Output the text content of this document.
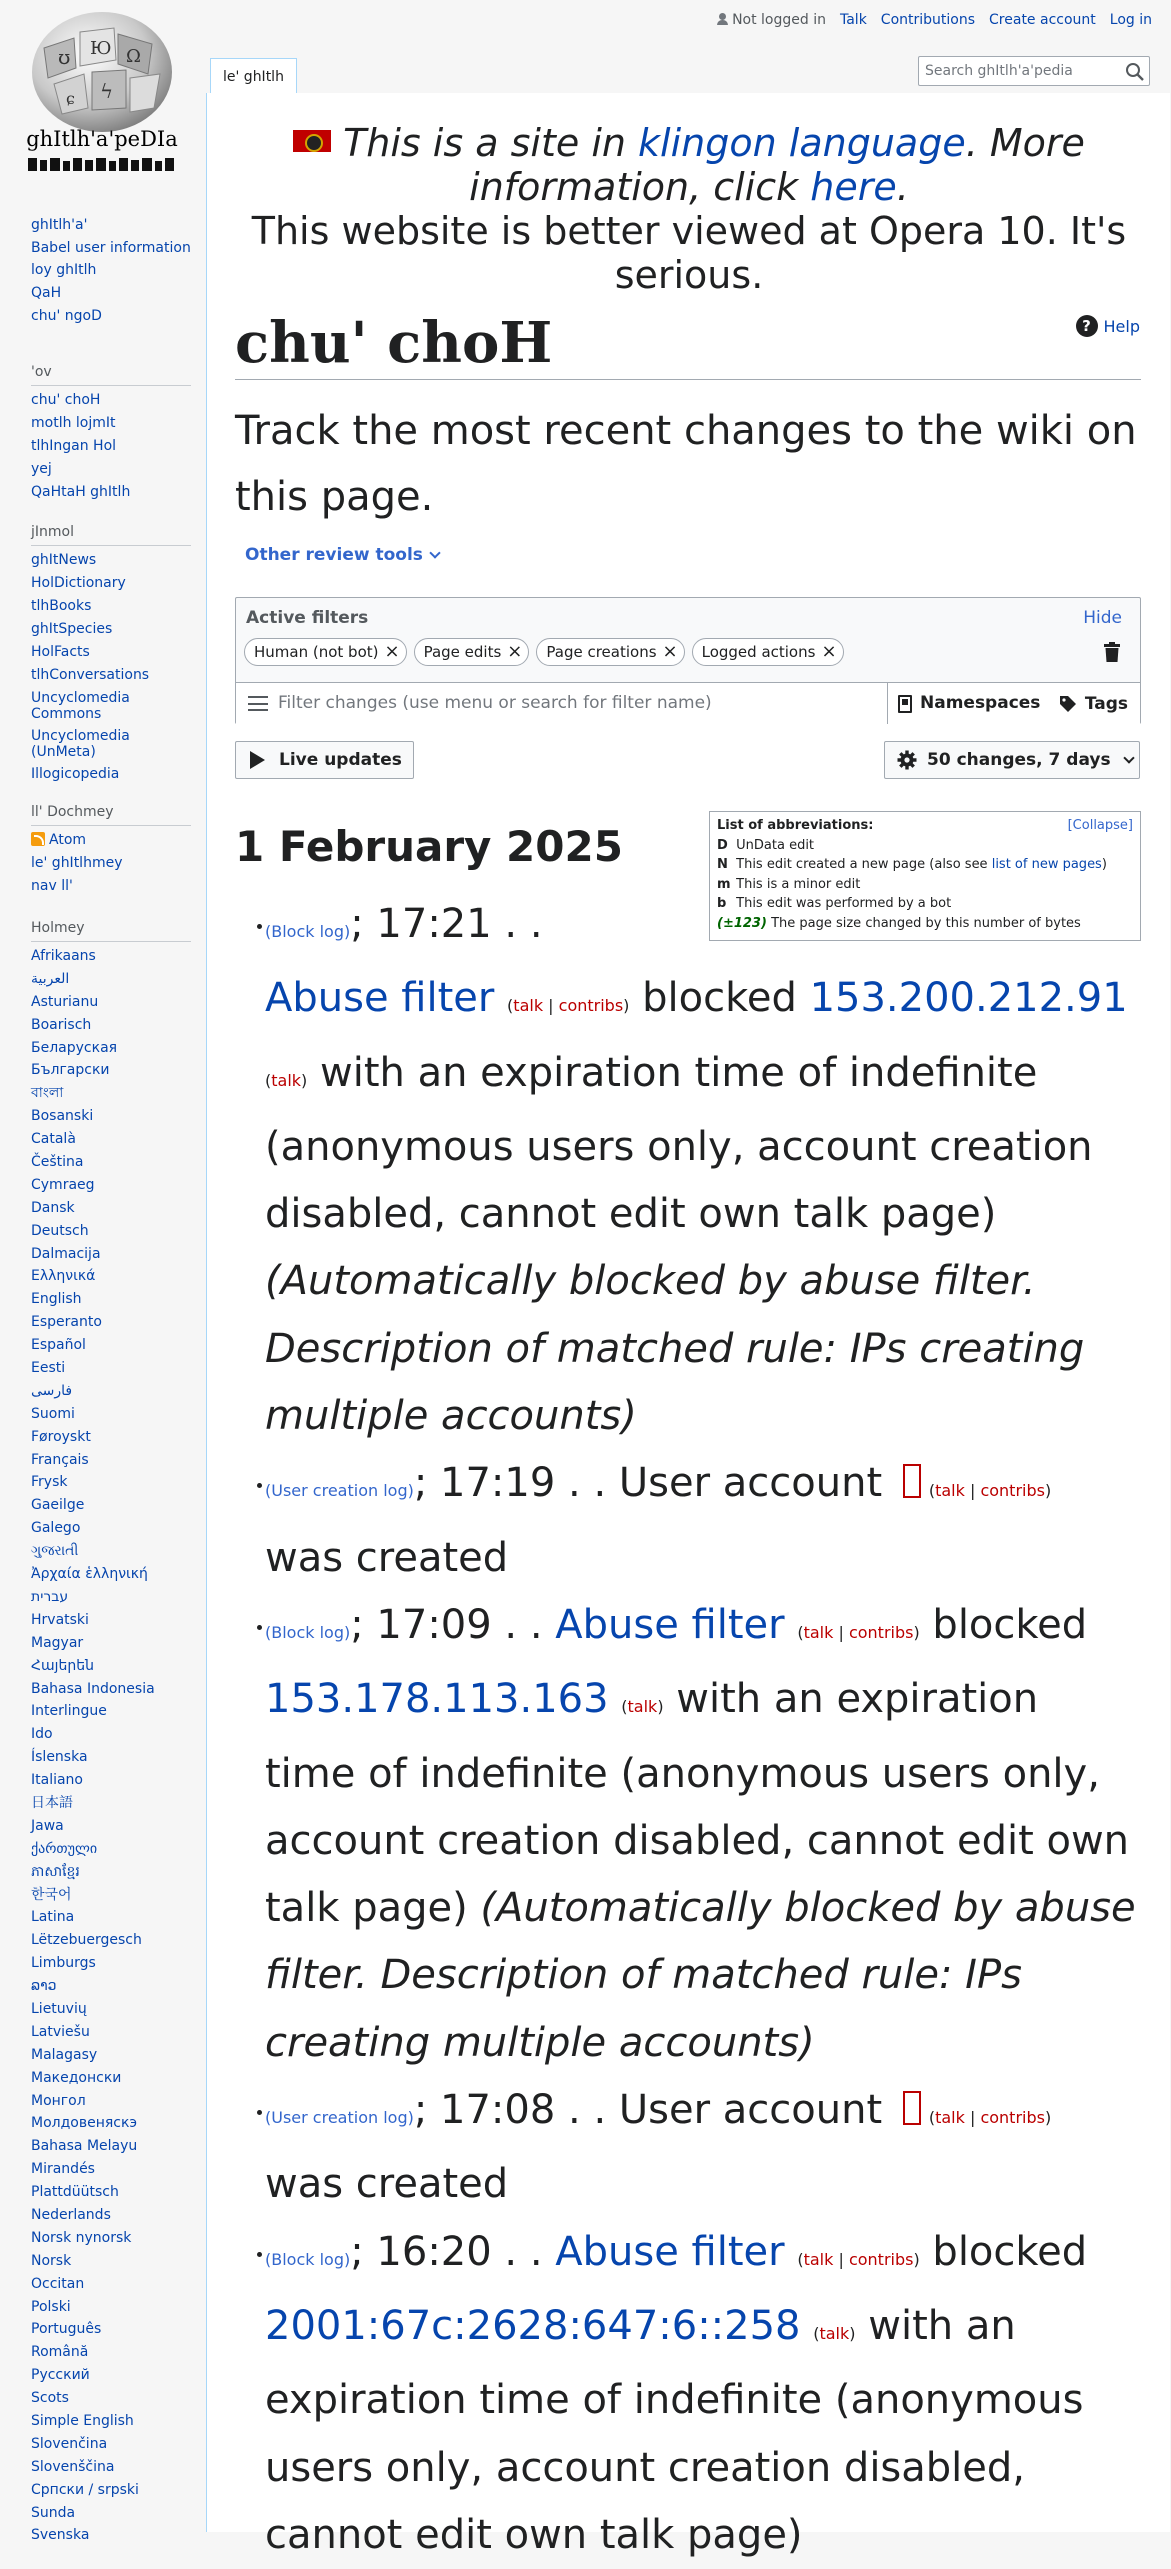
ʊ Ю Ω
ϟ
ɕ
ghItlh'a'peDIa
ghItlh'a'
Babel user information
loy ghItlh
QaH
chu' ngoD
'ov
chu' choH
motlh lojmIt
tlhIngan Hol
yej
QaHtaH ghItlh
jInmol
ghItNews
HolDictionary
tlhBooks
ghItSpecies
HolFacts
tlhConversations
Uncyclomedia Commons
Uncyclomedia (UnMeta)
Illogicopedia
ll' Dochmey
Atom
le' ghItlhmey
nav ll'
Holmey
Afrikaans
العربية
Asturianu
Boarisch
Беларуская
Български
বাংলা
Bosanski
Català
Čeština
Cymraeg
Dansk
Deutsch
Dalmacija
Ελληνικά
English
Esperanto
Español
Eesti
فارسی
Suomi
Føroyskt
Français
Frysk
Gaeilge
Galego
ગુજરાતી
Ἀρχαία ἑλληνική
עברית
Hrvatski
Magyar
Հայերեն
Bahasa Indonesia
Interlingue
Ido
Íslenska
Italiano
日本語
Jawa
ქართული
ភាសាខ្មែរ
한국어
Latina
Lëtzebuergesch
Limburgs
ລາວ
Lietuvių
Latviešu
Malagasy
Македонски
Монгол
Молдовеняскэ
Bahasa Melayu
Mirandés
Plattdüütsch
Nederlands
Norsk nynorsk
Norsk
Occitan
Polski
Português
Română
Русский
Scots
Simple English
Slovenčina
Slovenščina
Српски / srpski
Sunda
Svenska
Not logged in Talk Contributions Create account Log in
le' ghItlh
Search ghItlh'a'pedia
This is a site in klingon language. More information, click here.
This website is better viewed at Opera 10. It's serious.
? Help
chu' choH
Track the most recent changes to the wiki on this page.
Other review tools
Active filters	Hide
Human (not bot) × Page edits × Page creations × Logged actions ×
Filter changes (use menu or search for filter name)
Namespaces	Tags
Live updates	50 changes, 7 days
1 February 2025	List of abbreviations:	[Collapse]
D UnData edit
N This edit created a new page (also see list of new pages)
m This is a minor edit
b This edit was performed by a bot
(±123) The page size changed by this number of bytes
(Block log); 17:21 . .
Abuse filter (talk | contribs) blocked 153.200.212.91 (talk) with an expiration time of indefinite (anonymous users only, account creation disabled, cannot edit own talk page) (Automatically blocked by abuse filter. Description of matched rule: IPs creating multiple accounts)
(User creation log); 17:19 . . User account (talk | contribs) was created
(Block log); 17:09 . . Abuse filter (talk | contribs) blocked 153.178.113.163 (talk) with an expiration time of indefinite (anonymous users only, account creation disabled, cannot edit own talk page) (Automatically blocked by abuse filter. Description of matched rule: IPs creating multiple accounts)
(User creation log); 17:08 . . User account (talk | contribs) was created
(Block log); 16:20 . . Abuse filter (talk | contribs) blocked 2001:67c:2628:647:6::258 (talk) with an expiration time of indefinite (anonymous users only, account creation disabled, cannot edit own talk page)
